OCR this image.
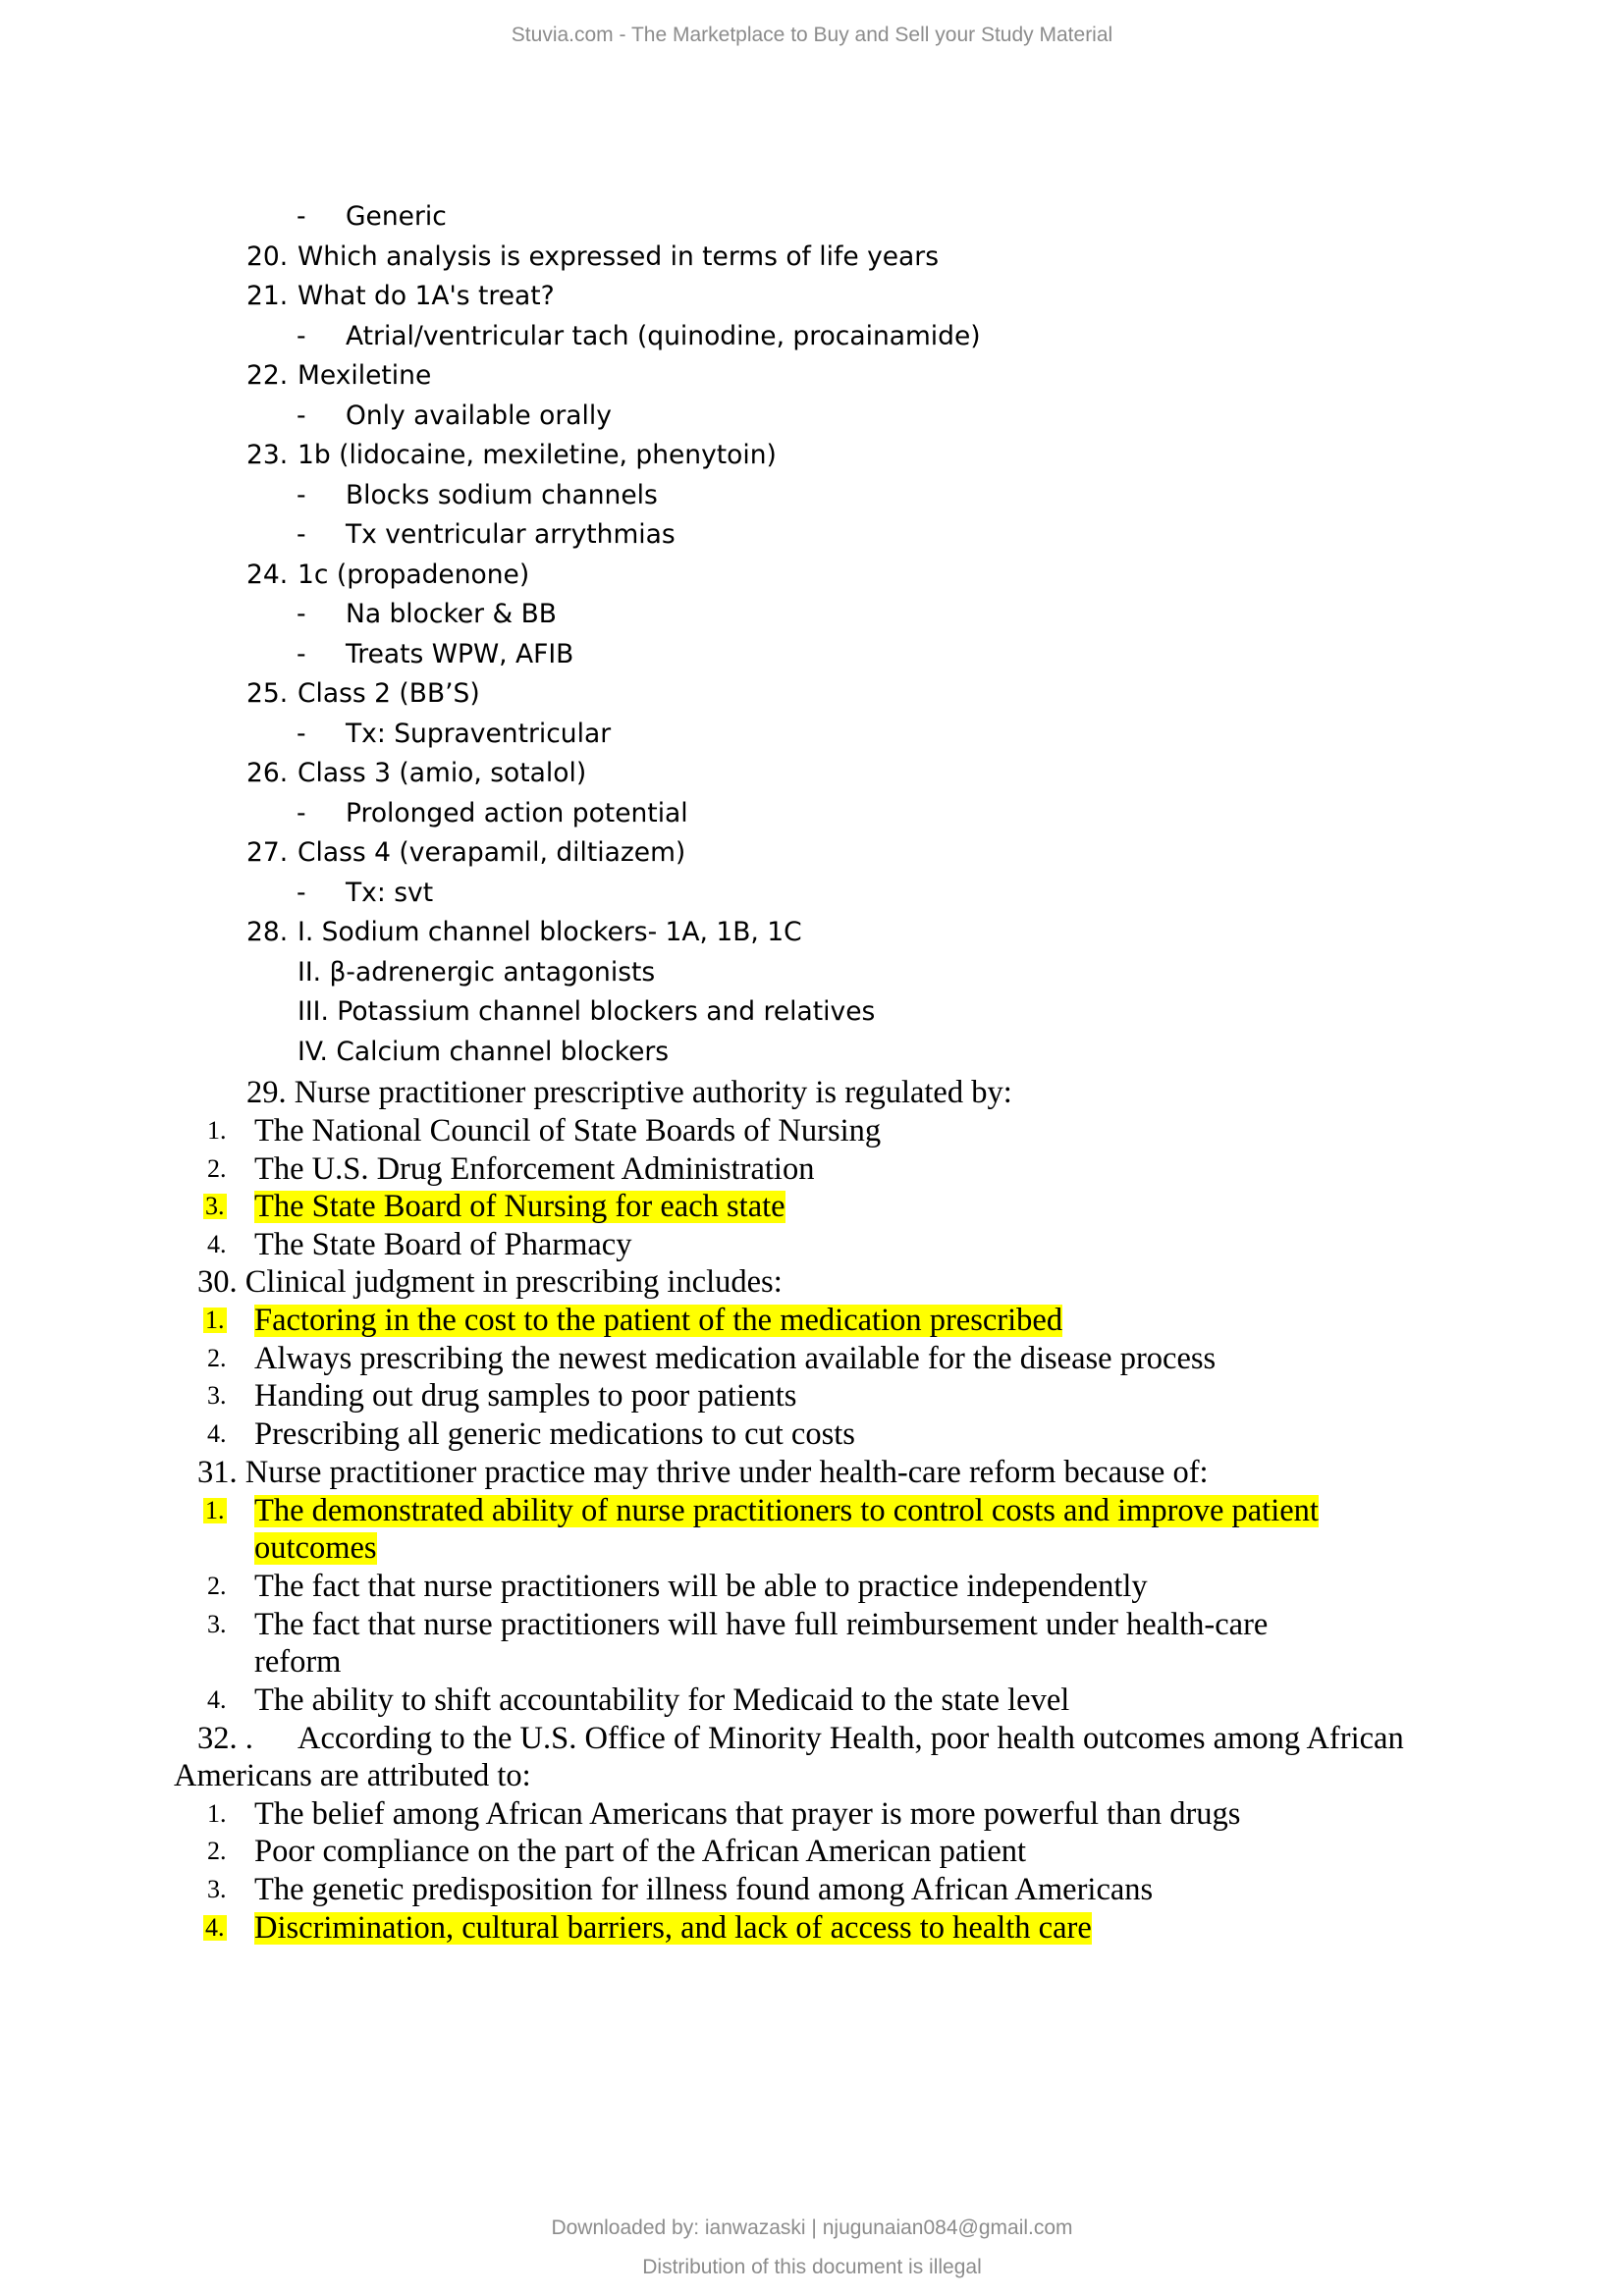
Stuvia.com - The Marketplace to Buy and Sell your Study Material
- Generic
20. Which analysis is expressed in terms of life years
21. What do 1A's treat?
- Atrial/ventricular tach (quinodine, procainamide)
22. Mexiletine
- Only available orally
23. 1b (lidocaine, mexiletine, phenytoin)
- Blocks sodium channels
- Tx ventricular arrythmias
24. 1c (propadenone)
- Na blocker & BB
- Treats WPW, AFIB
25. Class 2 (BB’S)
- Tx: Supraventricular
26. Class 3 (amio, sotalol)
- Prolonged action potential
27. Class 4 (verapamil, diltiazem)
- Tx: svt
28. I. Sodium channel blockers- 1A, 1B, 1C
II. β-adrenergic antagonists
III. Potassium channel blockers and relatives
IV. Calcium channel blockers
29. Nurse practitioner prescriptive authority is regulated by:
1. The National Council of State Boards of Nursing
2. The U.S. Drug Enforcement Administration
3. The State Board of Nursing for each state
4. The State Board of Pharmacy
30. Clinical judgment in prescribing includes:
1. Factoring in the cost to the patient of the medication prescribed
2. Always prescribing the newest medication available for the disease process
3. Handing out drug samples to poor patients
4. Prescribing all generic medications to cut costs
31. Nurse practitioner practice may thrive under health-care reform because of:
1. The demonstrated ability of nurse practitioners to control costs and improve patient
outcomes
2. The fact that nurse practitioners will be able to practice independently
3. The fact that nurse practitioners will have full reimbursement under health-care
reform
4. The ability to shift accountability for Medicaid to the state level
32. . According to the U.S. Office of Minority Health, poor health outcomes among African
Americans are attributed to:
1. The belief among African Americans that prayer is more powerful than drugs
2. Poor compliance on the part of the African American patient
3. The genetic predisposition for illness found among African Americans
4. Discrimination, cultural barriers, and lack of access to health care
Downloaded by: ianwazaski | njugunaian084@gmail.com
Distribution of this document is illegal
